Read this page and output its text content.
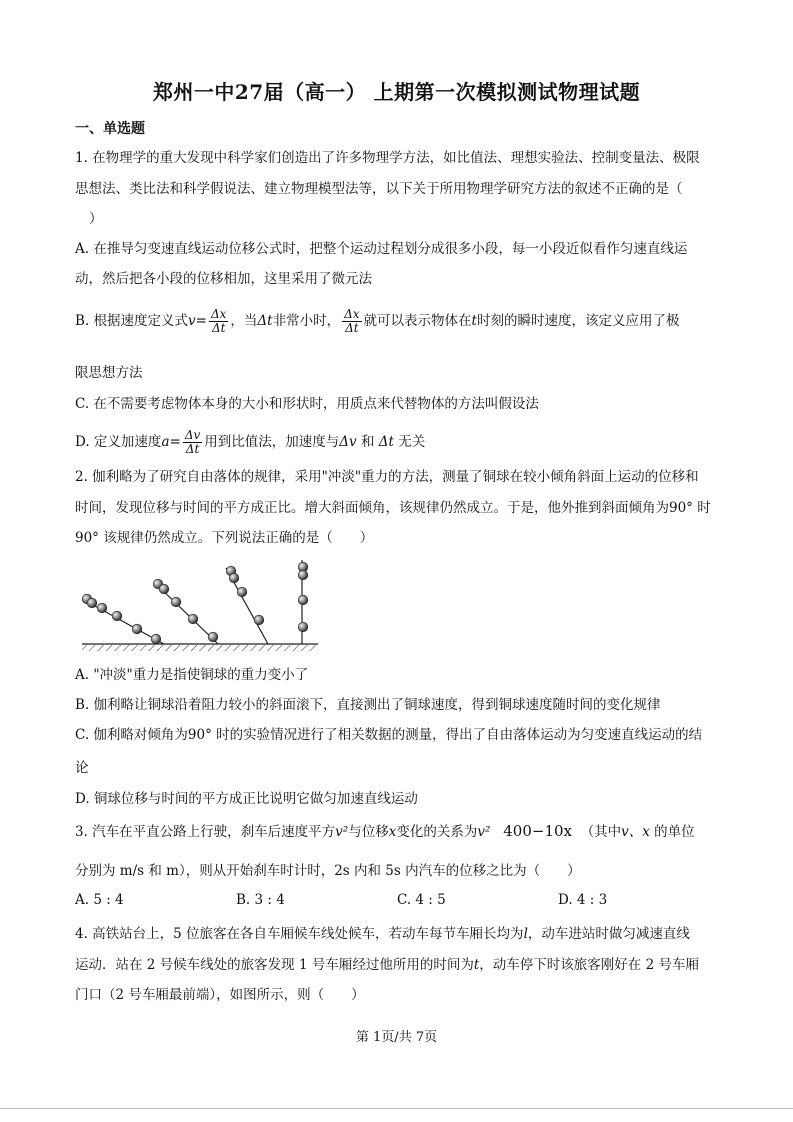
郑州一中27届（高一） 上期第一次模拟测试物理试题
一、单选题
1. 在物理学的重大发现中科学家们创造出了许多物理学方法，如比值法、理想实验法、控制变量法、极限
思想法、类比法和科学假说法、建立物理模型法等，以下关于所用物理学研究方法的叙述不正确的是（
）
A. 在推导匀变速直线运动位移公式时，把整个运动过程划分成很多小段，每一小段近似看作匀速直线运
动，然后把各小段的位移相加，这里采用了微元法
B. 根据速度定义式$v= \frac{\Delta x}{\Delta t}$ ，当Δt非常小时， $\frac{\Delta x}{\Delta t}$ 就可以表示物体在t时刻的瞬时速度，该定义应用了极
限思想方法
C. 在不需要考虑物体本身的大小和形状时，用质点来代替物体的方法叫假设法
D. 定义加速度$a= \frac{\Delta v}{\Delta t}$ 用到比值法，加速度与Δv 和 Δt 无关
2. 伽利略为了研究自由落体的规律，采用"冲淡"重力的方法，测量了铜球在较小倾角斜面上运动的位移和
时间，发现位移与时间的平方成正比。增大斜面倾角，该规律仍然成立。于是，他外推到斜面倾角为90° 时
90° 该规律仍然成立。下列说法正确的是（　　）
A. "冲淡"重力是指使铜球的重力变小了
B. 伽利略让铜球沿着阻力较小的斜面滚下，直接测出了铜球速度，得到铜球速度随时间的变化规律
C. 伽利略对倾角为90° 时的实验情况进行了相关数据的测量，得出了自由落体运动为匀变速直线运动的结
论
D. 铜球位移与时间的平方成正比说明它做匀加速直线运动
3. 汽车在平直公路上行驶，刹车后速度平方v²与位移x变化的关系为v² 400−10x （其中v、x 的单位
分别为 m/s 和 m），则从开始刹车时计时，2s 内和 5s 内汽车的位移之比为（　　）
A. 5 : 4	B. 3 : 4	C. 4 : 5	D. 4 : 3
4. 高铁站台上，5 位旅客在各自车厢候车线处候车，若动车每节车厢长均为l，动车进站时做匀减速直线
运动．站在 2 号候车线处的旅客发现 1 号车厢经过他所用的时间为t，动车停下时该旅客刚好在 2 号车厢
门口（2 号车厢最前端），如图所示，则（　　）
第 1页/共 7页
